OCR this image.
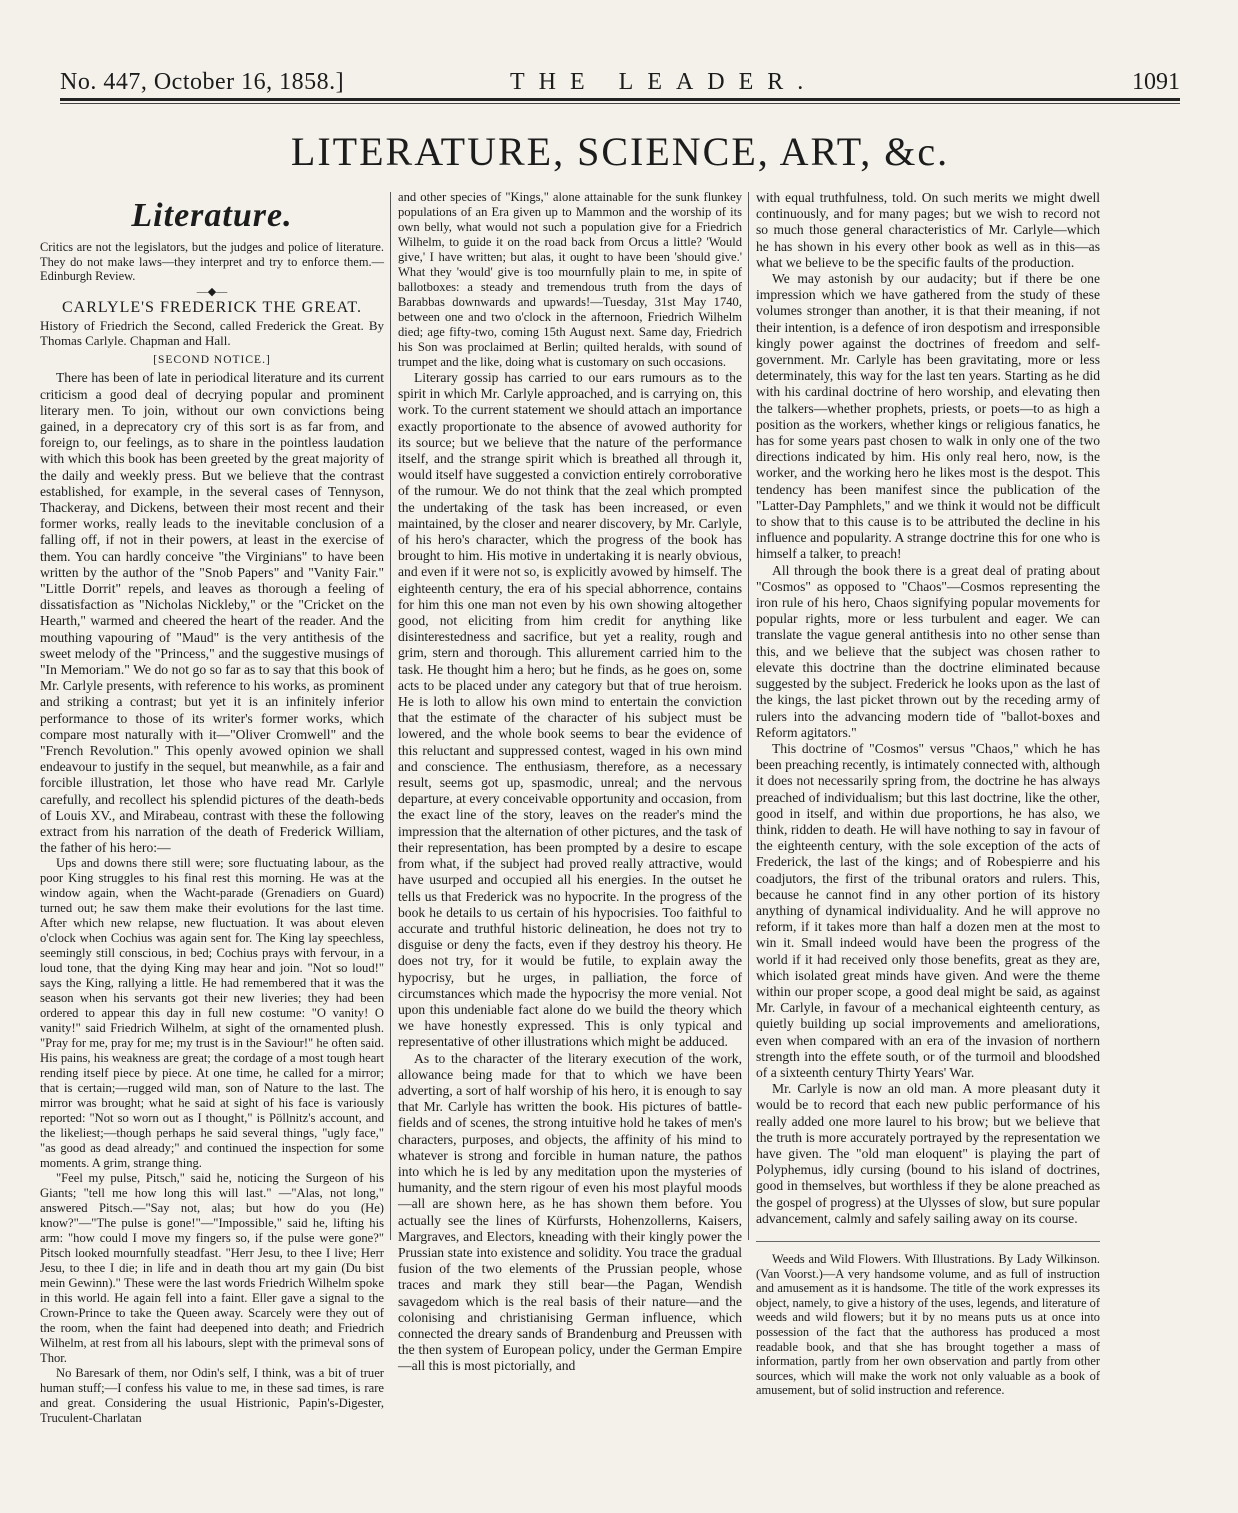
No. 447, October 16, 1858.]	THE LEADER.	1091
LITERATURE, SCIENCE, ART, &c.
Literature.

Critics are not the legislators, but the judges and police of literature. They do not make laws—they interpret and try to enforce them.—Edinburgh Review.

—◆—
CARLYLE'S FREDERICK THE GREAT.

History of Friedrich the Second, called Frederick the Great. By Thomas Carlyle. Chapman and Hall.

[SECOND NOTICE.]

There has been of late in periodical literature and its current criticism a good deal of decrying popular and prominent literary men. To join, without our own convictions being gained, in a deprecatory cry of this sort is as far from, and foreign to, our feelings, as to share in the pointless laudation with which this book has been greeted by the great majority of the daily and weekly press. But we believe that the contrast established, for example, in the several cases of Tennyson, Thackeray, and Dickens, between their most recent and their former works, really leads to the inevitable conclusion of a falling off, if not in their powers, at least in the exercise of them. You can hardly conceive "the Virginians" to have been written by the author of the "Snob Papers" and "Vanity Fair." "Little Dorrit" repels, and leaves as thorough a feeling of dissatisfaction as "Nicholas Nickleby," or the "Cricket on the Hearth," warmed and cheered the heart of the reader. And the mouthing vapouring of "Maud" is the very antithesis of the sweet melody of the "Princess," and the suggestive musings of "In Memoriam." We do not go so far as to say that this book of Mr. Carlyle presents, with reference to his works, as prominent and striking a contrast; but yet it is an infinitely inferior performance to those of its writer's former works, which compare most naturally with it—"Oliver Cromwell" and the "French Revolution." This openly avowed opinion we shall endeavour to justify in the sequel, but meanwhile, as a fair and forcible illustration, let those who have read Mr. Carlyle carefully, and recollect his splendid pictures of the death-beds of Louis XV., and Mirabeau, contrast with these the following extract from his narration of the death of Frederick William, the father of his hero:—

Ups and downs there still were; sore fluctuating labour, as the poor King struggles to his final rest this morning. He was at the window again, when the Wacht-parade (Grenadiers on Guard) turned out; he saw them make their evolutions for the last time. After which new relapse, new fluctuation. It was about eleven o'clock when Cochius was again sent for. The King lay speechless, seemingly still conscious, in bed; Cochius prays with fervour, in a loud tone, that the dying King may hear and join. "Not so loud!" says the King, rallying a little. He had remembered that it was the season when his servants got their new liveries; they had been ordered to appear this day in full new costume: "O vanity! O vanity!" said Friedrich Wilhelm, at sight of the ornamented plush. "Pray for me, pray for me; my trust is in the Saviour!" he often said. His pains, his weakness are great; the cordage of a most tough heart rending itself piece by piece. At one time, he called for a mirror; that is certain;—rugged wild man, son of Nature to the last. The mirror was brought; what he said at sight of his face is variously reported: "Not so worn out as I thought," is Pöllnitz's account, and the likeliest;—though perhaps he said several things, "ugly face," "as good as dead already;" and continued the inspection for some moments. A grim, strange thing.

"Feel my pulse, Pitsch," said he, noticing the Surgeon of his Giants; "tell me how long this will last." —"Alas, not long," answered Pitsch.—"Say not, alas; but how do you (He) know?"—"The pulse is gone!"—"Impossible," said he, lifting his arm: "how could I move my fingers so, if the pulse were gone?" Pitsch looked mournfully steadfast. "Herr Jesu, to thee I live; Herr Jesu, to thee I die; in life and in death thou art my gain (Du bist mein Gewinn)." These were the last words Friedrich Wilhelm spoke in this world. He again fell into a faint. Eller gave a signal to the Crown-Prince to take the Queen away. Scarcely were they out of the room, when the faint had deepened into death; and Friedrich Wilhelm, at rest from all his labours, slept with the primeval sons of Thor.

No Baresark of them, nor Odin's self, I think, was a bit of truer human stuff;—I confess his value to me, in these sad times, is rare and great. Considering the usual Histrionic, Papin's-Digester, Truculent-Charlatan

and other species of "Kings," alone attainable for the sunk flunkey populations of an Era given up to Mammon and the worship of its own belly, what would not such a population give for a Friedrich Wilhelm, to guide it on the road back from Orcus a little? 'Would give,' I have written; but alas, it ought to have been 'should give.' What they 'would' give is too mournfully plain to me, in spite of ballotboxes: a steady and tremendous truth from the days of Barabbas downwards and upwards!—Tuesday, 31st May 1740, between one and two o'clock in the afternoon, Friedrich Wilhelm died; age fifty-two, coming 15th August next. Same day, Friedrich his Son was proclaimed at Berlin; quilted heralds, with sound of trumpet and the like, doing what is customary on such occasions.

Literary gossip has carried to our ears rumours as to the spirit in which Mr. Carlyle approached, and is carrying on, this work. To the current statement we should attach an importance exactly proportionate to the absence of avowed authority for its source; but we believe that the nature of the performance itself, and the strange spirit which is breathed all through it, would itself have suggested a conviction entirely corroborative of the rumour. We do not think that the zeal which prompted the undertaking of the task has been increased, or even maintained, by the closer and nearer discovery, by Mr. Carlyle, of his hero's character, which the progress of the book has brought to him. His motive in undertaking it is nearly obvious, and even if it were not so, is explicitly avowed by himself. The eighteenth century, the era of his special abhorrence, contains for him this one man not even by his own showing altogether good, not eliciting from him credit for anything like disinterestedness and sacrifice, but yet a reality, rough and grim, stern and thorough. This allurement carried him to the task. He thought him a hero; but he finds, as he goes on, some acts to be placed under any category but that of true heroism. He is loth to allow his own mind to entertain the conviction that the estimate of the character of his subject must be lowered, and the whole book seems to bear the evidence of this reluctant and suppressed contest, waged in his own mind and conscience. The enthusiasm, therefore, as a necessary result, seems got up, spasmodic, unreal; and the nervous departure, at every conceivable opportunity and occasion, from the exact line of the story, leaves on the reader's mind the impression that the alternation of other pictures, and the task of their representation, has been prompted by a desire to escape from what, if the subject had proved really attractive, would have usurped and occupied all his energies. In the outset he tells us that Frederick was no hypocrite. In the progress of the book he details to us certain of his hypocrisies. Too faithful to accurate and truthful historic delineation, he does not try to disguise or deny the facts, even if they destroy his theory. He does not try, for it would be futile, to explain away the hypocrisy, but he urges, in palliation, the force of circumstances which made the hypocrisy the more venial. Not upon this undeniable fact alone do we build the theory which we have honestly expressed. This is only typical and representative of other illustrations which might be adduced.

As to the character of the literary execution of the work, allowance being made for that to which we have been adverting, a sort of half worship of his hero, it is enough to say that Mr. Carlyle has written the book. His pictures of battle-fields and of scenes, the strong intuitive hold he takes of men's characters, purposes, and objects, the affinity of his mind to whatever is strong and forcible in human nature, the pathos into which he is led by any meditation upon the mysteries of humanity, and the stern rigour of even his most playful moods—all are shown here, as he has shown them before. You actually see the lines of Kürfursts, Hohenzollerns, Kaisers, Margraves, and Electors, kneading with their kingly power the Prussian state into existence and solidity. You trace the gradual fusion of the two elements of the Prussian people, whose traces and mark they still bear—the Pagan, Wendish savagedom which is the real basis of their nature—and the colonising and christianising German influence, which connected the dreary sands of Brandenburg and Preussen with the then system of European policy, under the German Empire—all this is most pictorially, and

with equal truthfulness, told. On such merits we might dwell continuously, and for many pages; but we wish to record not so much those general characteristics of Mr. Carlyle—which he has shown in his every other book as well as in this—as what we believe to be the specific faults of the production.

We may astonish by our audacity; but if there be one impression which we have gathered from the study of these volumes stronger than another, it is that their meaning, if not their intention, is a defence of iron despotism and irresponsible kingly power against the doctrines of freedom and self-government. Mr. Carlyle has been gravitating, more or less determinately, this way for the last ten years. Starting as he did with his cardinal doctrine of hero worship, and elevating then the talkers—whether prophets, priests, or poets—to as high a position as the workers, whether kings or religious fanatics, he has for some years past chosen to walk in only one of the two directions indicated by him. His only real hero, now, is the worker, and the working hero he likes most is the despot. This tendency has been manifest since the publication of the "Latter-Day Pamphlets," and we think it would not be difficult to show that to this cause is to be attributed the decline in his influence and popularity. A strange doctrine this for one who is himself a talker, to preach!

All through the book there is a great deal of prating about "Cosmos" as opposed to "Chaos"—Cosmos representing the iron rule of his hero, Chaos signifying popular movements for popular rights, more or less turbulent and eager. We can translate the vague general antithesis into no other sense than this, and we believe that the subject was chosen rather to elevate this doctrine than the doctrine eliminated because suggested by the subject. Frederick he looks upon as the last of the kings, the last picket thrown out by the receding army of rulers into the advancing modern tide of "ballot-boxes and Reform agitators."

This doctrine of "Cosmos" versus "Chaos," which he has been preaching recently, is intimately connected with, although it does not necessarily spring from, the doctrine he has always preached of individualism; but this last doctrine, like the other, good in itself, and within due proportions, he has also, we think, ridden to death. He will have nothing to say in favour of the eighteenth century, with the sole exception of the acts of Frederick, the last of the kings; and of Robespierre and his coadjutors, the first of the tribunal orators and rulers. This, because he cannot find in any other portion of its history anything of dynamical individuality. And he will approve no reform, if it takes more than half a dozen men at the most to win it. Small indeed would have been the progress of the world if it had received only those benefits, great as they are, which isolated great minds have given. And were the theme within our proper scope, a good deal might be said, as against Mr. Carlyle, in favour of a mechanical eighteenth century, as quietly building up social improvements and ameliorations, even when compared with an era of the invasion of northern strength into the effete south, or of the turmoil and bloodshed of a sixteenth century Thirty Years' War.

Mr. Carlyle is now an old man. A more pleasant duty it would be to record that each new public performance of his really added one more laurel to his brow; but we believe that the truth is more accurately portrayed by the representation we have given. The "old man eloquent" is playing the part of Polyphemus, idly cursing (bound to his island of doctrines, good in themselves, but worthless if they be alone preached as the gospel of progress) at the Ulysses of slow, but sure popular advancement, calmly and safely sailing away on its course.

Weeds and Wild Flowers. With Illustrations. By Lady Wilkinson. (Van Voorst.)—A very handsome volume, and as full of instruction and amusement as it is handsome. The title of the work expresses its object, namely, to give a history of the uses, legends, and literature of weeds and wild flowers; but it by no means puts us at once into possession of the fact that the authoress has produced a most readable book, and that she has brought together a mass of information, partly from her own observation and partly from other sources, which will make the work not only valuable as a book of amusement, but of solid instruction and reference.
